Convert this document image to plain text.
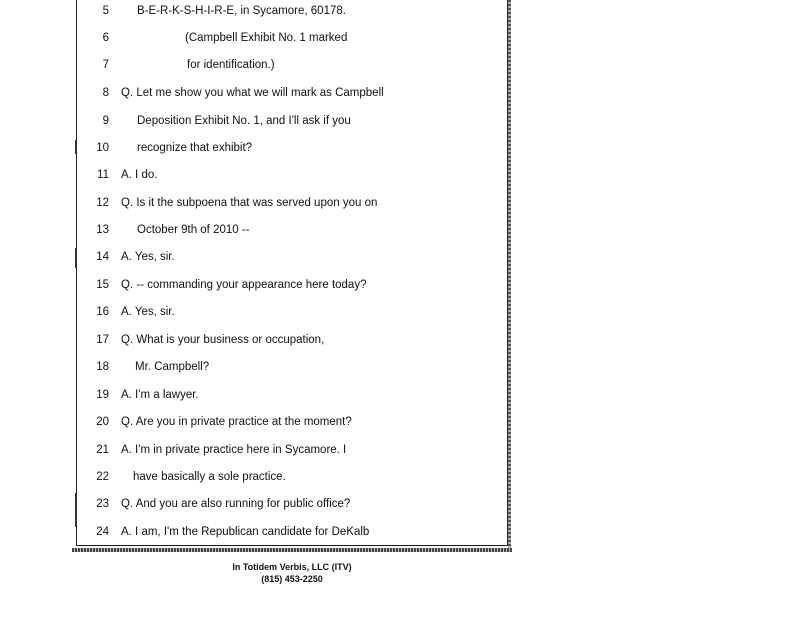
5 B-E-R-K-S-H-I-R-E, in Sycamore, 60178.
6	(Campbell Exhibit No. 1 marked
7	for identification.)
8 Q. Let me show you what we will mark as Campbell
9 Deposition Exhibit No. 1, and I'll ask if you
10 recognize that exhibit?
11 A. I do.
12 Q. Is it the subpoena that was served upon you on
13 October 9th of 2010 --
14 A. Yes, sir.
15 Q. -- commanding your appearance here today?
16 A. Yes, sir.
17 Q. What is your business or occupation,
18 Mr. Campbell?
19 A. I'm a lawyer.
20 Q. Are you in private practice at the moment?
21 A. I'm in private practice here in Sycamore. I
22 have basically a sole practice.
23 Q. And you are also running for public office?
24 A. I am, I'm the Republican candidate for DeKalb
In Totidem Verbis, LLC (ITV)
(815) 453-2250
